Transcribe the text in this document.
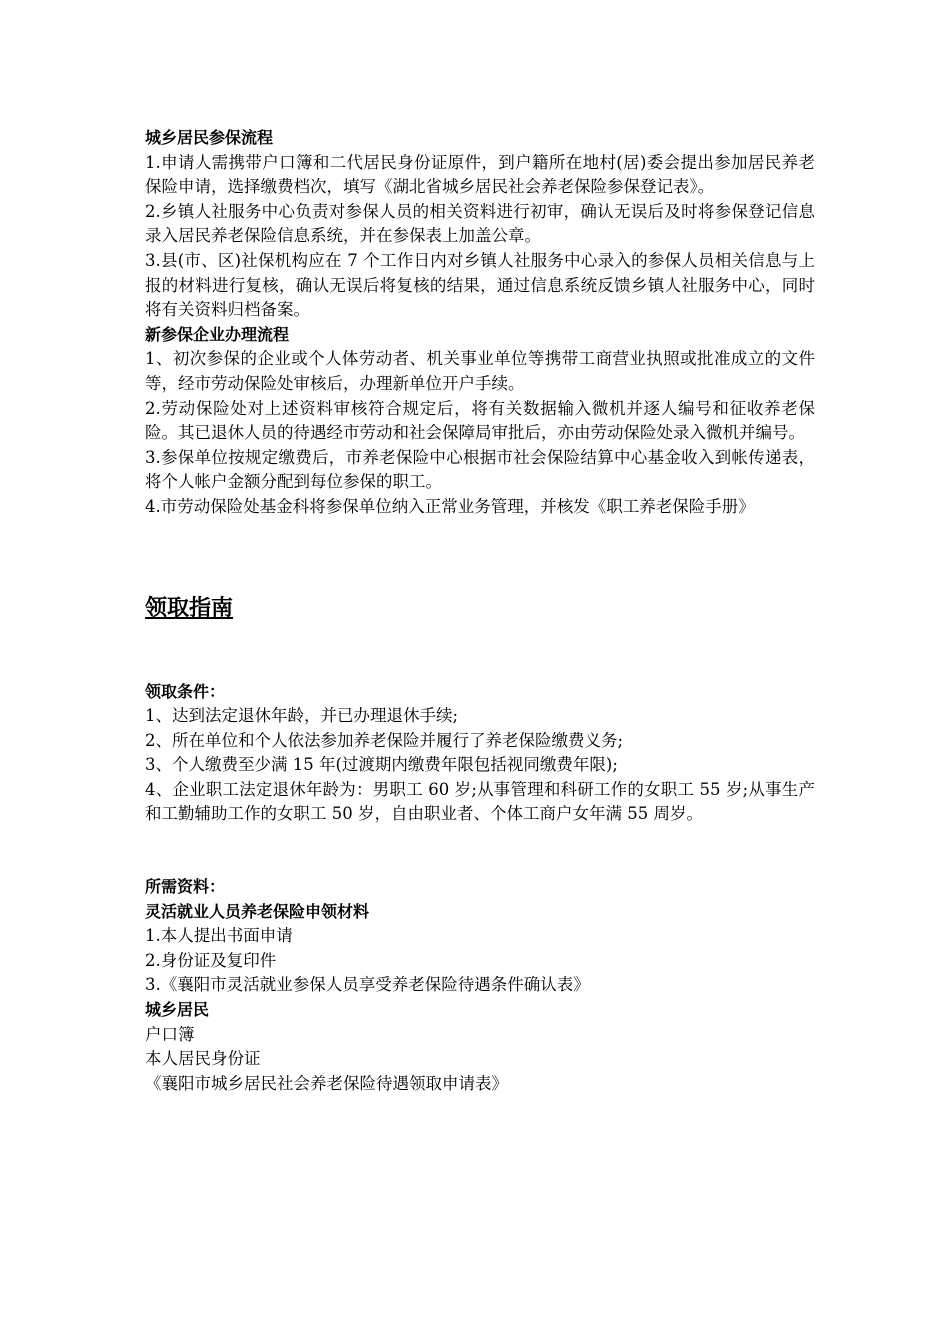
城乡居民参保流程

1.申请人需携带户口簿和二代居民身份证原件，到户籍所在地村(居)委会提出参加居民养老保险申请，选择缴费档次，填写《湖北省城乡居民社会养老保险参保登记表》。

2.乡镇人社服务中心负责对参保人员的相关资料进行初审，确认无误后及时将参保登记信息录入居民养老保险信息系统，并在参保表上加盖公章。

3.县(市、区)社保机构应在 7 个工作日内对乡镇人社服务中心录入的参保人员相关信息与上报的材料进行复核，确认无误后将复核的结果，通过信息系统反馈乡镇人社服务中心，同时将有关资料归档备案。

新参保企业办理流程

1、初次参保的企业或个人体劳动者、机关事业单位等携带工商营业执照或批准成立的文件等，经市劳动保险处审核后，办理新单位开户手续。

2.劳动保险处对上述资料审核符合规定后，将有关数据输入微机并逐人编号和征收养老保险。其已退休人员的待遇经市劳动和社会保障局审批后，亦由劳动保险处录入微机并编号。

3.参保单位按规定缴费后，市养老保险中心根据市社会保险结算中心基金收入到帐传递表，将个人帐户金额分配到每位参保的职工。

4.市劳动保险处基金科将参保单位纳入正常业务管理，并核发《职工养老保险手册》

领取指南

领取条件：

1、达到法定退休年龄，并已办理退休手续;

2、所在单位和个人依法参加养老保险并履行了养老保险缴费义务;

3、个人缴费至少满 15 年(过渡期内缴费年限包括视同缴费年限);

4、企业职工法定退休年龄为：男职工 60 岁;从事管理和科研工作的女职工 55 岁;从事生产和工勤辅助工作的女职工 50 岁，自由职业者、个体工商户女年满 55 周岁。

所需资料：

灵活就业人员养老保险申领材料

1.本人提出书面申请

2.身份证及复印件

3.《襄阳市灵活就业参保人员享受养老保险待遇条件确认表》

城乡居民

户口簿

本人居民身份证

《襄阳市城乡居民社会养老保险待遇领取申请表》
